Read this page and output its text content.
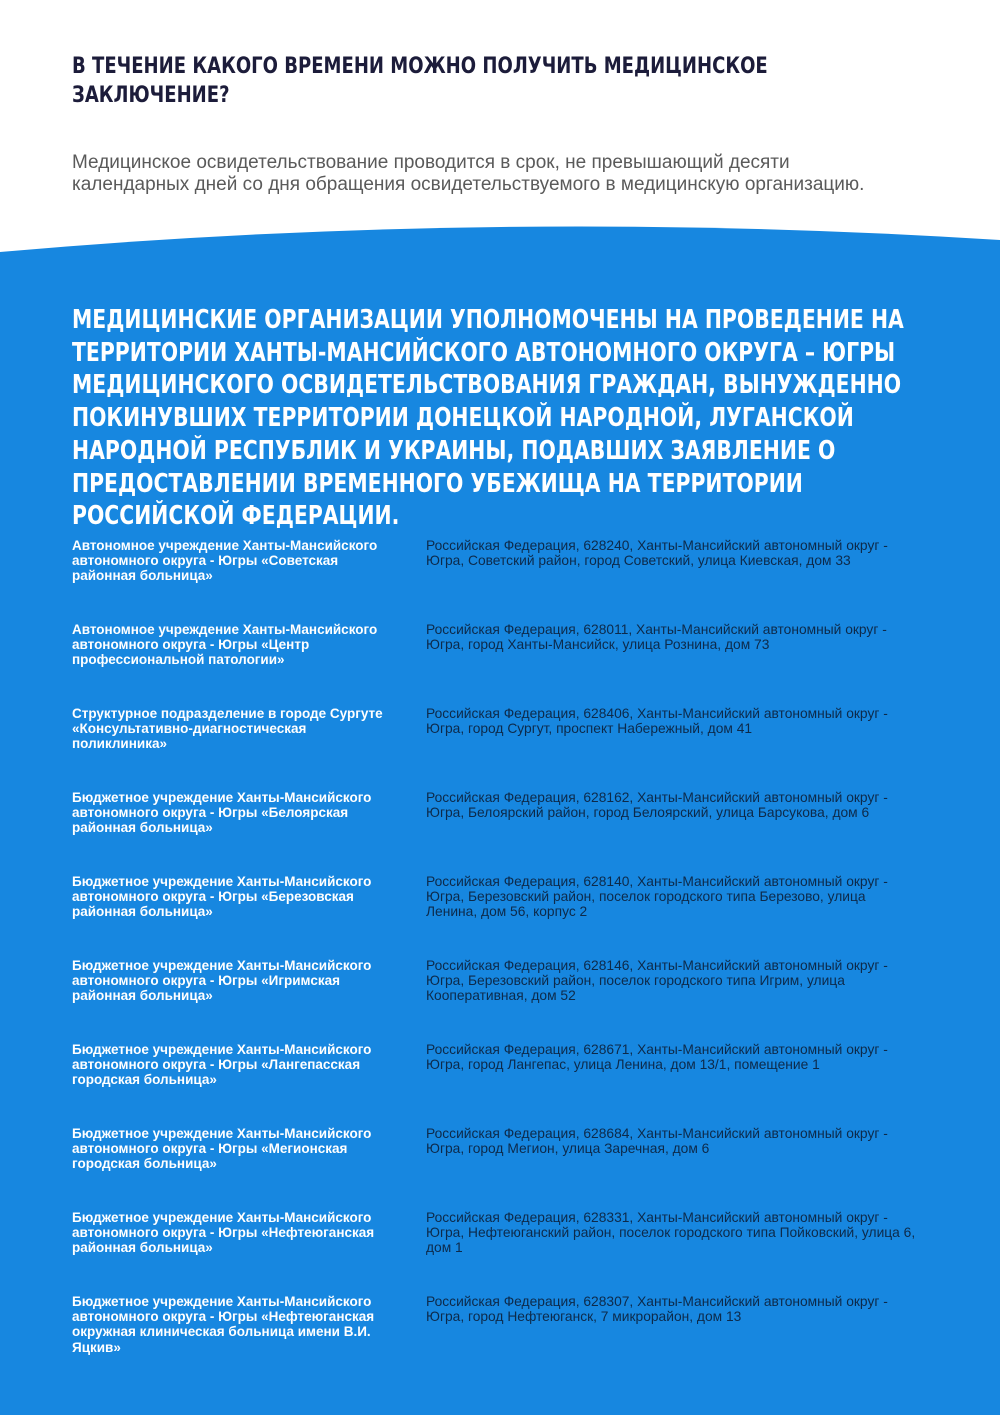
В ТЕЧЕНИЕ КАКОГО ВРЕМЕНИ МОЖНО ПОЛУЧИТЬ МЕДИЦИНСКОЕ ЗАКЛЮЧЕНИЕ?

Медицинское освидетельствование проводится в срок, не превышающий десяти календарных дней со дня обращения освидетельствуемого в медицинскую организацию.

МЕДИЦИНСКИЕ ОРГАНИЗАЦИИ УПОЛНОМОЧЕНЫ НА ПРОВЕДЕНИЕ НА ТЕРРИТОРИИ ХАНТЫ-МАНСИЙСКОГО АВТОНОМНОГО ОКРУГА – ЮГРЫ МЕДИЦИНСКОГО ОСВИДЕТЕЛЬСТВОВАНИЯ ГРАЖДАН, ВЫНУЖДЕННО ПОКИНУВШИХ ТЕРРИТОРИИ ДОНЕЦКОЙ НАРОДНОЙ, ЛУГАНСКОЙ НАРОДНОЙ РЕСПУБЛИК И УКРАИНЫ, ПОДАВШИХ ЗАЯВЛЕНИЕ О ПРЕДОСТАВЛЕНИИ ВРЕМЕННОГО УБЕЖИЩА НА ТЕРРИТОРИИ РОССИЙСКОЙ ФЕДЕРАЦИИ.
Автономное учреждение Ханты-Мансийского автономного округа - Югры «Советская районная больница»
Российская Федерация, 628240, Ханты-Мансийский автономный округ - Югра, Советский район, город Советский, улица Киевская, дом 33
Автономное учреждение Ханты-Мансийского автономного округа - Югры «Центр профессиональной патологии»
Российская Федерация, 628011, Ханты-Мансийский автономный округ - Югра, город Ханты-Мансийск, улица Рознина, дом 73
Структурное подразделение в городе Сургуте «Консультативно-диагностическая поликлиника»
Российская Федерация, 628406, Ханты-Мансийский автономный округ - Югра, город Сургут, проспект Набережный, дом 41
Бюджетное учреждение Ханты-Мансийского автономного округа - Югры «Белоярская районная больница»
Российская Федерация, 628162, Ханты-Мансийский автономный округ - Югра, Белоярский район, город Белоярский, улица Барсукова, дом 6
Бюджетное учреждение Ханты-Мансийского автономного округа - Югры «Березовская районная больница»
Российская Федерация, 628140, Ханты-Мансийский автономный округ - Югра, Березовский район, поселок городского типа Березово, улица Ленина, дом 56, корпус 2
Бюджетное учреждение Ханты-Мансийского автономного округа - Югры «Игримская районная больница»
Российская Федерация, 628146, Ханты-Мансийский автономный округ - Югра, Березовский район, поселок городского типа Игрим, улица Кооперативная, дом 52
Бюджетное учреждение Ханты-Мансийского автономного округа - Югры «Лангепасская городская больница»
Российская Федерация, 628671, Ханты-Мансийский автономный округ - Югра, город Лангепас, улица Ленина, дом 13/1, помещение 1
Бюджетное учреждение Ханты-Мансийского автономного округа - Югры «Мегионская городская больница»
Российская Федерация, 628684, Ханты-Мансийский автономный округ - Югра, город Мегион, улица Заречная, дом 6
Бюджетное учреждение Ханты-Мансийского автономного округа - Югры «Нефтеюганская районная больница»
Российская Федерация, 628331, Ханты-Мансийский автономный округ - Югра, Нефтеюганский район, поселок городского типа Пойковский, улица 6, дом 1
Бюджетное учреждение Ханты-Мансийского автономного округа - Югры «Нефтеюганская окружная клиническая больница имени В.И. Яцкив»
Российская Федерация, 628307, Ханты-Мансийский автономный округ - Югра, город Нефтеюганск, 7 микрорайон, дом 13
